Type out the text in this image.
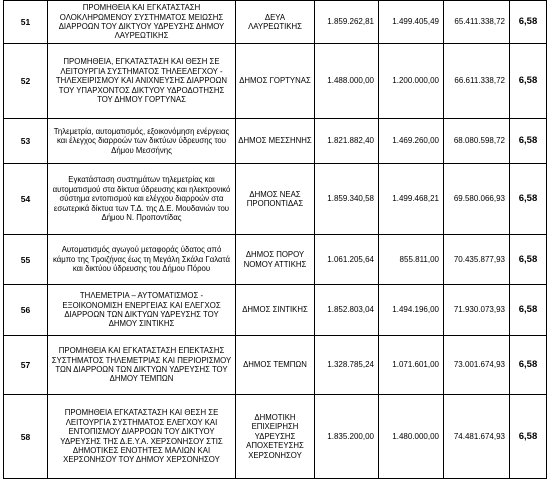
51	ΠΡΟΜΗΘΕΙΑ ΚΑΙ ΕΓΚΑΤΑΣΤΑΣΗ ΟΛΟΚΛΗΡΩΜΕΝΟΥ ΣΥΣΤΗΜΑΤΟΣ ΜΕΙΩΣΗΣ ΔΙΑΡΡΟΩΝ ΤΟΥ ΔΙΚΤΥΟΥ ΥΔΡΕΥΣΗΣ ΔΗΜΟΥ ΛΑΥΡΕΩΤΙΚΗΣ	ΔΕΥΑ ΛΑΥΡΕΩΤΙΚΗΣ	1.859.262,81	1.499.405,49	65.411.338,72	6,58
52	ΠΡΟΜΗΘΕΙΑ, ΕΓΚΑΤΑΣΤΑΣΗ ΚΑΙ ΘΕΣΗ ΣΕ ΛΕΙΤΟΥΡΓΙΑ ΣΥΣΤΗΜΑΤΟΣ ΤΗΛΕΕΛΕΓΧΟΥ - ΤΗΛΕΧΕΙΡΙΣΜΟΥ ΚΑΙ ΑΝΙΧΝΕΥΣΗΣ ΔΙΑΡΡΟΩΝ ΤΟΥ ΥΠΑΡΧΟΝΤΟΣ ΔΙΚΤΥΟΥ ΥΔΡΟΔΟΤΗΣΗΣ ΤΟΥ ΔΗΜΟΥ ΓΟΡΤΥΝΑΣ	ΔΗΜΟΣ ΓΟΡΤΥΝΑΣ	1.488.000,00	1.200.000,00	66.611.338,72	6,58
53	Τηλεμετρία, αυτοματισμός, εξοικονόμηση ενέργειας και έλεγχος διαρροών των δικτύων ύδρευσης του Δήμου Μεσσήνης	ΔΗΜΟΣ ΜΕΣΣΗΝΗΣ	1.821.882,40	1.469.260,00	68.080.598,72	6,58
54	Εγκατάσταση συστημάτων τηλεμετρίας και αυτοματισμού στα δίκτυα ύδρευσης και ηλεκτρονικό σύστημα εντοπισμού και ελέγχου διαρροών στα εσωτερικά δίκτυα των Τ.Δ. της Δ.Ε. Μουδανιών του Δήμου Ν. Προποντίδας	ΔΗΜΟΣ ΝΕΑΣ ΠΡΟΠΟΝΤΙΔΑΣ	1.859.340,58	1.499.468,21	69.580.066,93	6,58
55	Αυτοματισμός αγωγού μεταφοράς ύδατος από κάμπο της Τροιζήνας έως τη Μεγάλη Σκάλα Γαλατά και δικτύου ύδρευσης του Δήμου Πόρου	ΔΗΜΟΣ ΠΟΡΟΥ ΝΟΜΟΥ ΑΤΤΙΚΗΣ	1.061.205,64	855.811,00	70.435.877,93	6,58
56	ΤΗΛΕΜΕΤΡΙΑ – ΑΥΤΟΜΑΤΙΣΜΟΣ - ΕΞΟΙΚΟΝΟΜΙΣΗ ΕΝΕΡΓΕΙΑΣ ΚΑΙ ΕΛΕΓΧΟΣ ΔΙΑΡΡΟΩΝ ΤΩΝ ΔΙΚΤΥΩΝ ΥΔΡΕΥΣΗΣ ΤΟΥ ΔΗΜΟΥ ΣΙΝΤΙΚΗΣ	ΔΗΜΟΣ ΣΙΝΤΙΚΗΣ	1.852.803,04	1.494.196,00	71.930.073,93	6,58
57	ΠΡΟΜΗΘΕΙΑ ΚΑΙ ΕΓΚΑΤΑΣΤΑΣΗ ΕΠΕΚΤΑΣΗΣ ΣΥΣΤΗΜΑΤΟΣ ΤΗΛΕΜΕΤΡΙΑΣ ΚΑΙ ΠΕΡΙΟΡΙΣΜΟΥ ΤΩΝ ΔΙΑΡΡΟΩΝ ΤΩΝ ΔΙΚΤΥΩΝ ΥΔΡΕΥΣΗΣ ΤΟΥ ΔΗΜΟΥ ΤΕΜΠΩΝ	ΔΗΜΟΣ ΤΕΜΠΩΝ	1.328.785,24	1.071.601,00	73.001.674,93	6,58
58	ΠΡΟΜΗΘΕΙΑ ΕΓΚΑΤΑΣΤΑΣΗ ΚΑΙ ΘΕΣΗ ΣΕ ΛΕΙΤΟΥΡΓΙΑ ΣΥΣΤΗΜΑΤΟΣ ΕΛΕΓΧΟΥ ΚΑΙ ΕΝΤΟΠΙΣΜΟΥ ΔΙΑΡΡΟΩΝ ΤΟΥ ΔΙΚΤΥΟΥ ΥΔΡΕΥΣΗΣ ΤΗΣ Δ.Ε.Υ.Α. ΧΕΡΣΟΝΗΣΟΥ ΣΤΙΣ ΔΗΜΟΤΙΚΕΣ ΕΝΟΤΗΤΕΣ ΜΑΛΙΩΝ ΚΑΙ ΧΕΡΣΟΝΗΣΟΥ ΤΟΥ ΔΗΜΟΥ ΧΕΡΣΟΝΗΣΟΥ	ΔΗΜΟΤΙΚΗ ΕΠΙΧΕΙΡΗΣΗ ΥΔΡΕΥΣΗΣ ΑΠΟΧΕΤΕΥΣΗΣ ΧΕΡΣΟΝΗΣΟΥ	1.835.200,00	1.480.000,00	74.481.674,93	6,58
